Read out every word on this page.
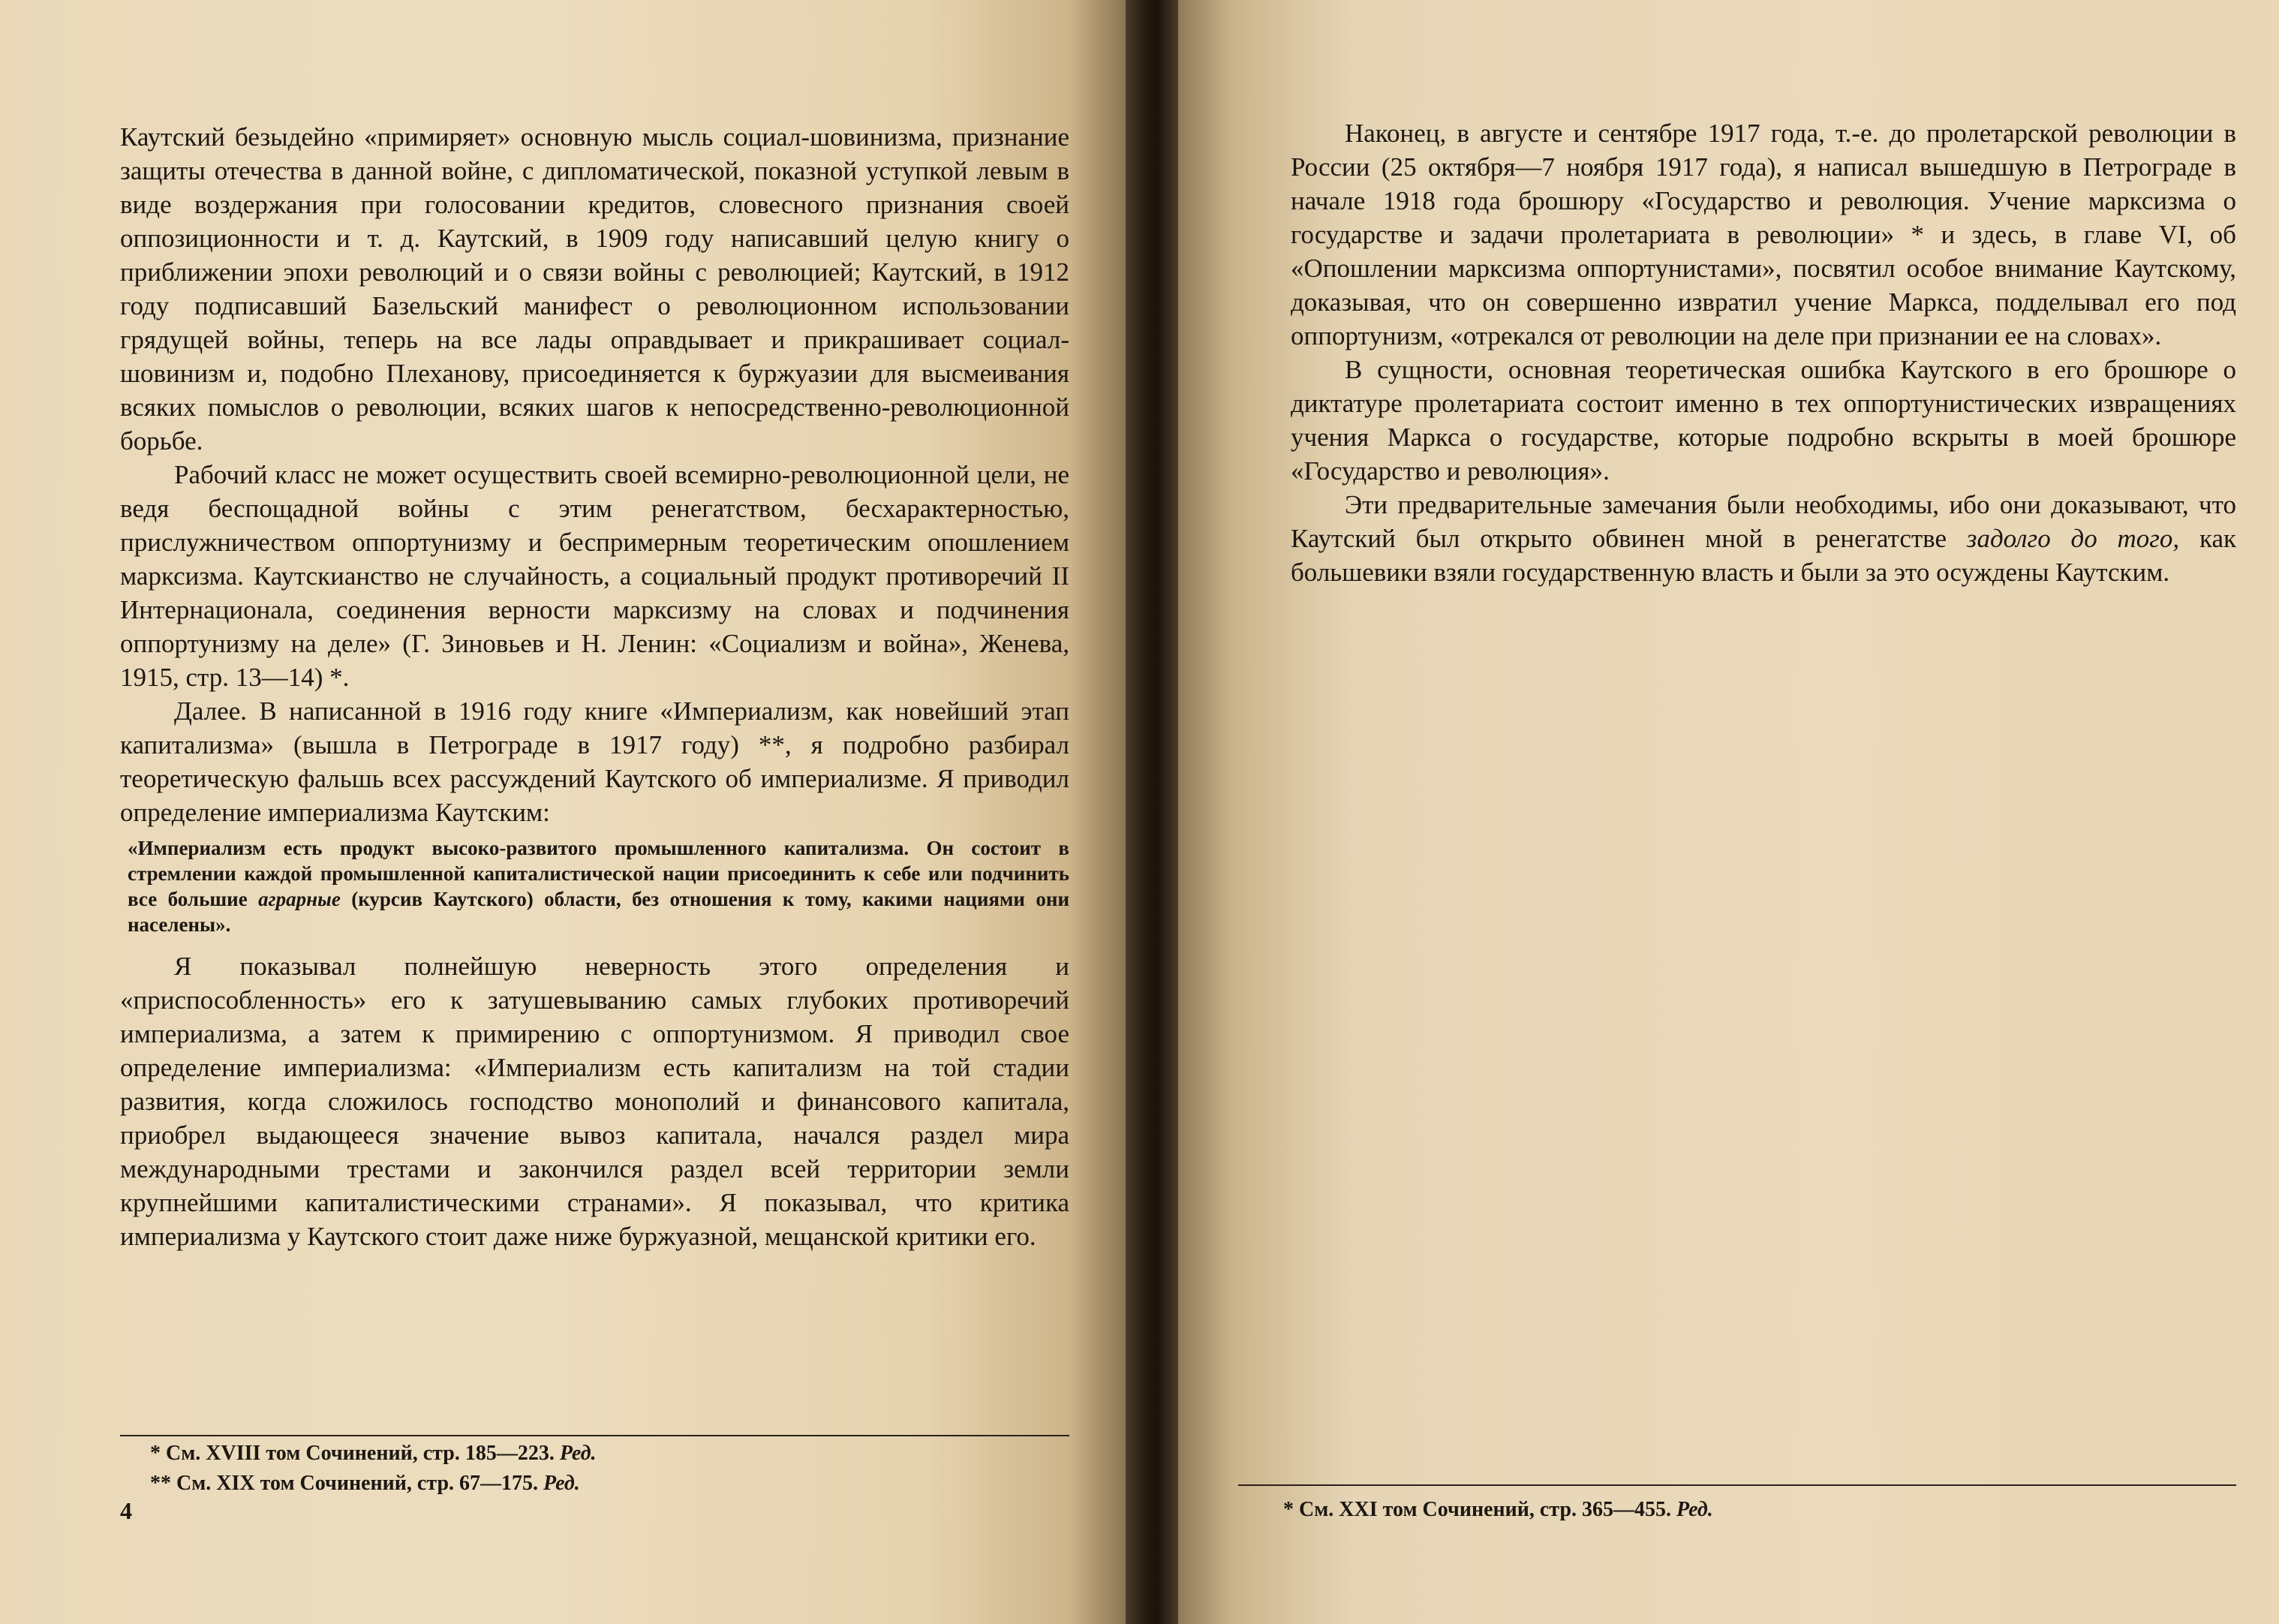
Каутский безыдейно «примиряет» основную мысль социал-шовинизма, признание защиты отечества в данной войне, с дипломатической, показной уступкой левым в виде воздержания при голосовании кредитов, словесного признания своей оппозиционности и т. д. Каутский, в 1909 году написавший целую книгу о приближении эпохи революций и о связи войны с революцией; Каутский, в 1912 году подписавший Базельский манифест о революционном использовании грядущей войны, теперь на все лады оправдывает и прикрашивает социал-шовинизм и, подобно Плеханову, присоединяется к буржуазии для высмеивания всяких помыслов о революции, всяких шагов к непосредственно-революционной борьбе.

Рабочий класс не может осуществить своей всемирно-революционной цели, не ведя беспощадной войны с этим ренегатством, бесхарактерностью, прислужничеством оппортунизму и беспримерным теоретическим опошлением марксизма. Каутскианство не случайность, а социальный продукт противоречий II Интернационала, соединения верности марксизму на словах и подчинения оппортунизму на деле» (Г. Зиновьев и Н. Ленин: «Социализм и война», Женева, 1915, стр. 13—14) *.

Далее. В написанной в 1916 году книге «Империализм, как новейший этап капитализма» (вышла в Петрограде в 1917 году) **, я подробно разбирал теоретическую фальшь всех рассуждений Каутского об империализме. Я приводил определение империализма Каутским:

«Империализм есть продукт высоко-развитого промышленного капитализма. Он состоит в стремлении каждой промышленной капиталистической нации присоединить к себе или подчинить все большие аграрные (курсив Каутского) области, без отношения к тому, какими нациями они населены».

Я показывал полнейшую неверность этого определения и «приспособленность» его к затушевыванию самых глубоких противоречий империализма, а затем к примирению с оппортунизмом. Я приводил свое определение империализма: «Империализм есть капитализм на той стадии развития, когда сложилось господство монополий и финансового капитала, приобрел выдающееся значение вывоз капитала, начался раздел мира международными трестами и закончился раздел всей территории земли крупнейшими капиталистическими странами». Я показывал, что критика империализма у Каутского стоит даже ниже буржуазной, мещанской критики его.

* См. XVIII том Сочинений, стр. 185—223. Ред.
** См. XIX том Сочинений, стр. 67—175. Ред.
4

Наконец, в августе и сентябре 1917 года, т.-е. до пролетарской революции в России (25 октября—7 ноября 1917 года), я написал вышедшую в Петрограде в начале 1918 года брошюру «Государство и революция. Учение марксизма о государстве и задачи пролетариата в революции» * и здесь, в главе VI, об «Опошлении марксизма оппортунистами», посвятил особое внимание Каутскому, доказывая, что он совершенно извратил учение Маркса, подделывал его под оппортунизм, «отрекался от революции на деле при признании ее на словах».

В сущности, основная теоретическая ошибка Каутского в его брошюре о диктатуре пролетариата состоит именно в тех оппортунистических извращениях учения Маркса о государстве, которые подробно вскрыты в моей брошюре «Государство и революция».

Эти предварительные замечания были необходимы, ибо они доказывают, что Каутский был открыто обвинен мной в ренегатстве задолго до того, как большевики взяли государственную власть и были за это осуждены Каутским.

* См. XXI том Сочинений, стр. 365—455. Ред.
